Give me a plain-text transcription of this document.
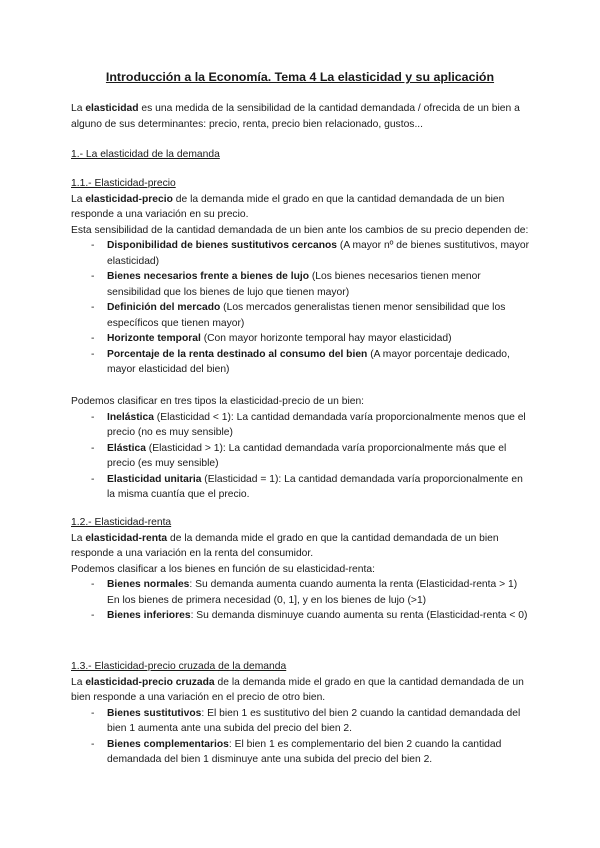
Introducción a la Economía. Tema 4 La elasticidad y su aplicación

La elasticidad es una medida de la sensibilidad de la cantidad demandada / ofrecida de un bien a alguno de sus determinantes: precio, renta, precio bien relacionado, gustos...

1.- La elasticidad de la demanda

1.1.- Elasticidad-precio

La elasticidad-precio de la demanda mide el grado en que la cantidad demandada de un bien responde a una variación en su precio.

Esta sensibilidad de la cantidad demandada de un bien ante los cambios de su precio dependen de:

- Disponibilidad de bienes sustitutivos cercanos (A mayor nº de bienes sustitutivos, mayor elasticidad)
- Bienes necesarios frente a bienes de lujo (Los bienes necesarios tienen menor sensibilidad que los bienes de lujo que tienen mayor)
- Definición del mercado (Los mercados generalistas tienen menor sensibilidad que los específicos que tienen mayor)
- Horizonte temporal (Con mayor horizonte temporal hay mayor elasticidad)
- Porcentaje de la renta destinado al consumo del bien (A mayor porcentaje dedicado, mayor elasticidad del bien)

Podemos clasificar en tres tipos la elasticidad-precio de un bien:

- Inelástica (Elasticidad < 1): La cantidad demandada varía proporcionalmente menos que el precio (no es muy sensible)
- Elástica (Elasticidad > 1): La cantidad demandada varía proporcionalmente más que el precio (es muy sensible)
- Elasticidad unitaria (Elasticidad = 1): La cantidad demandada varía proporcionalmente en la misma cuantía que el precio.

1.2.- Elasticidad-renta

La elasticidad-renta de la demanda mide el grado en que la cantidad demandada de un bien responde a una variación en la renta del consumidor.

Podemos clasificar a los bienes en función de su elasticidad-renta:

- Bienes normales: Su demanda aumenta cuando aumenta la renta (Elasticidad-renta > 1)
En los bienes de primera necesidad (0, 1], y en los bienes de lujo (>1)
- Bienes inferiores: Su demanda disminuye cuando aumenta su renta (Elasticidad-renta < 0)

1.3.- Elasticidad-precio cruzada de la demanda

La elasticidad-precio cruzada de la demanda mide el grado en que la cantidad demandada de un bien responde a una variación en el precio de otro bien.

- Bienes sustitutivos: El bien 1 es sustitutivo del bien 2 cuando la cantidad demandada del bien 1 aumenta ante una subida del precio del bien 2.
- Bienes complementarios: El bien 1 es complementario del bien 2 cuando la cantidad demandada del bien 1 disminuye ante una subida del precio del bien 2.
